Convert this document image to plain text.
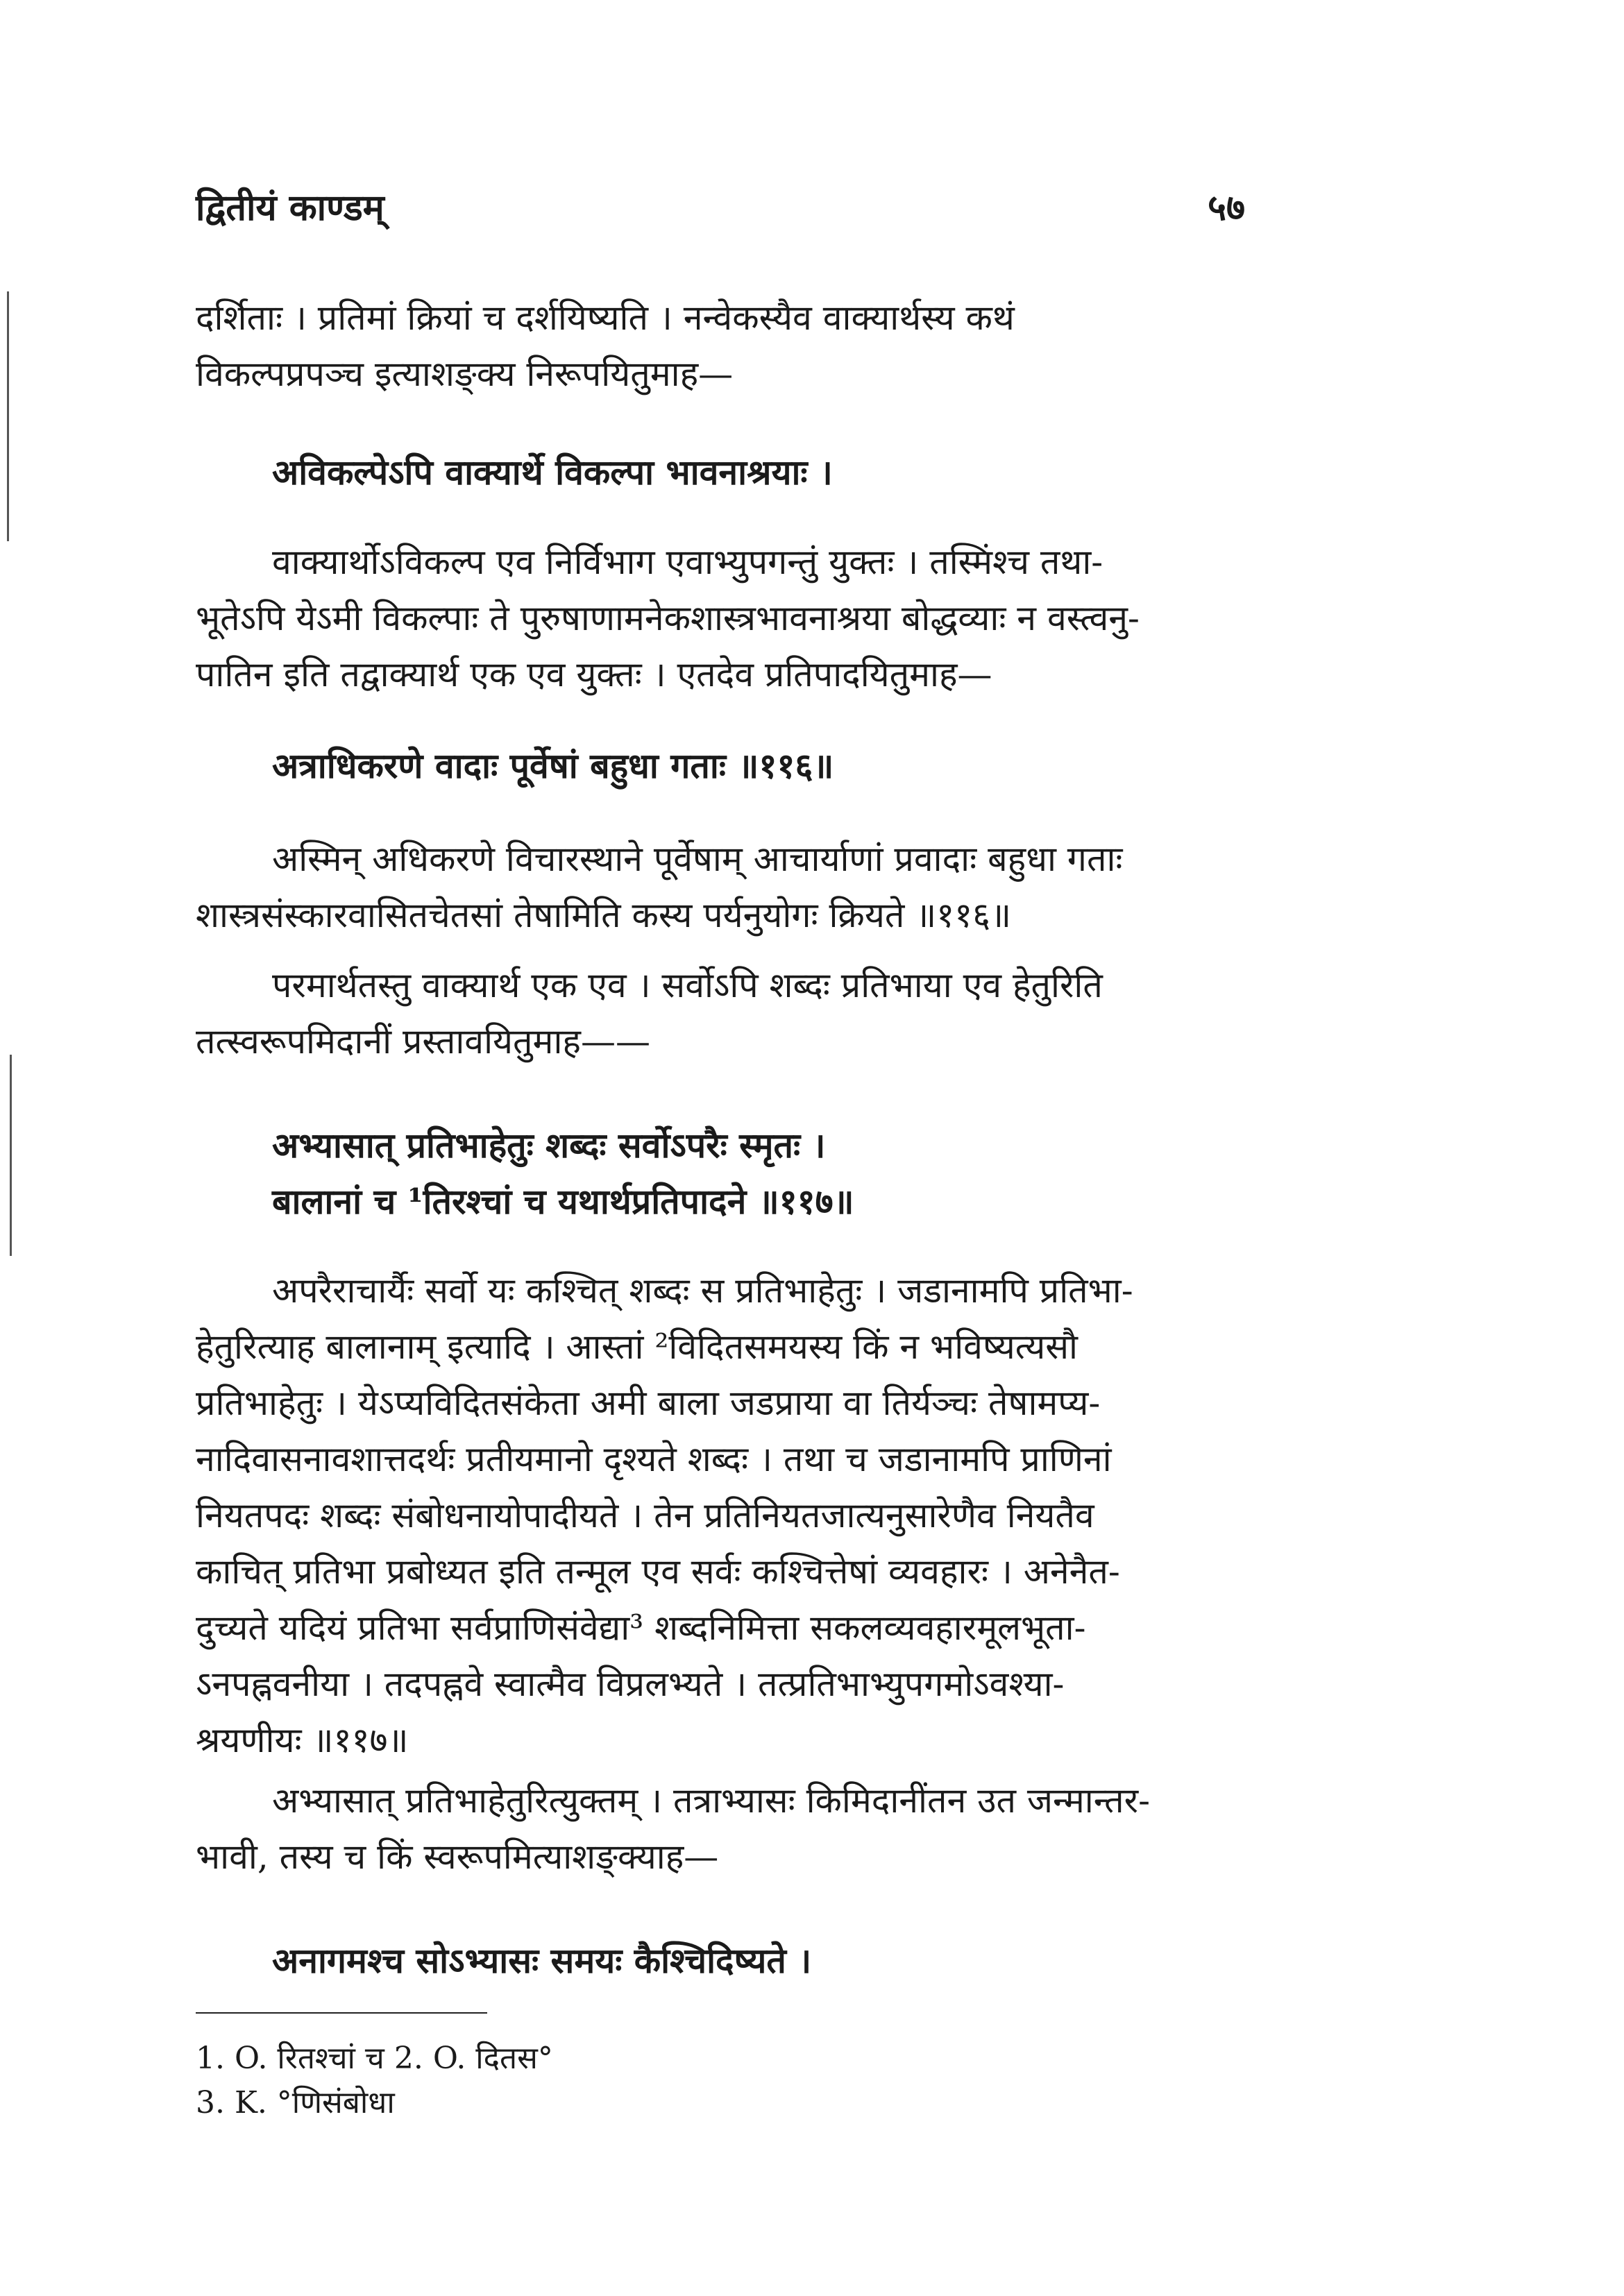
द्वितीयं काण्डम्	५७
दर्शिताः । प्रतिमां क्रियां च दर्शयिष्यति । नन्वेकस्यैव वाक्यार्थस्य कथं
विकल्पप्रपञ्च इत्याशङ्क्य निरूपयितुमाह—
अविकल्पेऽपि वाक्यार्थे विकल्पा भावनाश्रयाः ।
वाक्यार्थोऽविकल्प एव निर्विभाग एवाभ्युपगन्तुं युक्तः । तस्मिंश्च तथा-
भूतेऽपि येऽमी विकल्पाः ते पुरुषाणामनेकशास्त्रभावनाश्रया बोद्धव्याः न वस्त्वनु-
पातिन इति तद्वाक्यार्थ एक एव युक्तः । एतदेव प्रतिपादयितुमाह—
अत्राधिकरणे वादाः पूर्वेषां बहुधा गताः ॥११६॥
अस्मिन् अधिकरणे विचारस्थाने पूर्वेषाम् आचार्याणां प्रवादाः बहुधा गताः
शास्त्रसंस्कारवासितचेतसां तेषामिति कस्य पर्यनुयोगः क्रियते ॥११६॥
परमार्थतस्तु वाक्यार्थ एक एव । सर्वोऽपि शब्दः प्रतिभाया एव हेतुरिति
तत्स्वरूपमिदानीं प्रस्तावयितुमाह——
अभ्यासात् प्रतिभाहेतुः शब्दः सर्वोऽपरैः स्मृतः ।
बालानां च ¹तिरश्चां च यथार्थप्रतिपादने ॥११७॥
अपरैराचार्यैः सर्वो यः कश्चित् शब्दः स प्रतिभाहेतुः । जडानामपि प्रतिभा-
हेतुरित्याह बालानाम् इत्यादि । आस्तां ²विदितसमयस्य किं न भविष्यत्यसौ
प्रतिभाहेतुः । येऽप्यविदितसंकेता अमी बाला जडप्राया वा तिर्यञ्चः तेषामप्य-
नादिवासनावशात्तदर्थः प्रतीयमानो दृश्यते शब्दः । तथा च जडानामपि प्राणिनां
नियतपदः शब्दः संबोधनायोपादीयते । तेन प्रतिनियतजात्यनुसारेणैव नियतैव
काचित् प्रतिभा प्रबोध्यत इति तन्मूल एव सर्वः कश्चित्तेषां व्यवहारः । अनेनैत-
दुच्यते यदियं प्रतिभा सर्वप्राणिसंवेद्या³ शब्दनिमित्ता सकलव्यवहारमूलभूता-
ऽनपह्नवनीया । तदपह्नवे स्वात्मैव विप्रलभ्यते । तत्प्रतिभाभ्युपगमोऽवश्या-
श्रयणीयः ॥११७॥
अभ्यासात् प्रतिभाहेतुरित्युक्तम् । तत्राभ्यासः किमिदानींतन उत जन्मान्तर-
भावी, तस्य च किं स्वरूपमित्याशङ्क्याह—
अनागमश्च सोऽभ्यासः समयः कैश्चिदिष्यते ।
1. O. रितश्चां च 2. O. दितस°
3. K. °णिसंबोधा
